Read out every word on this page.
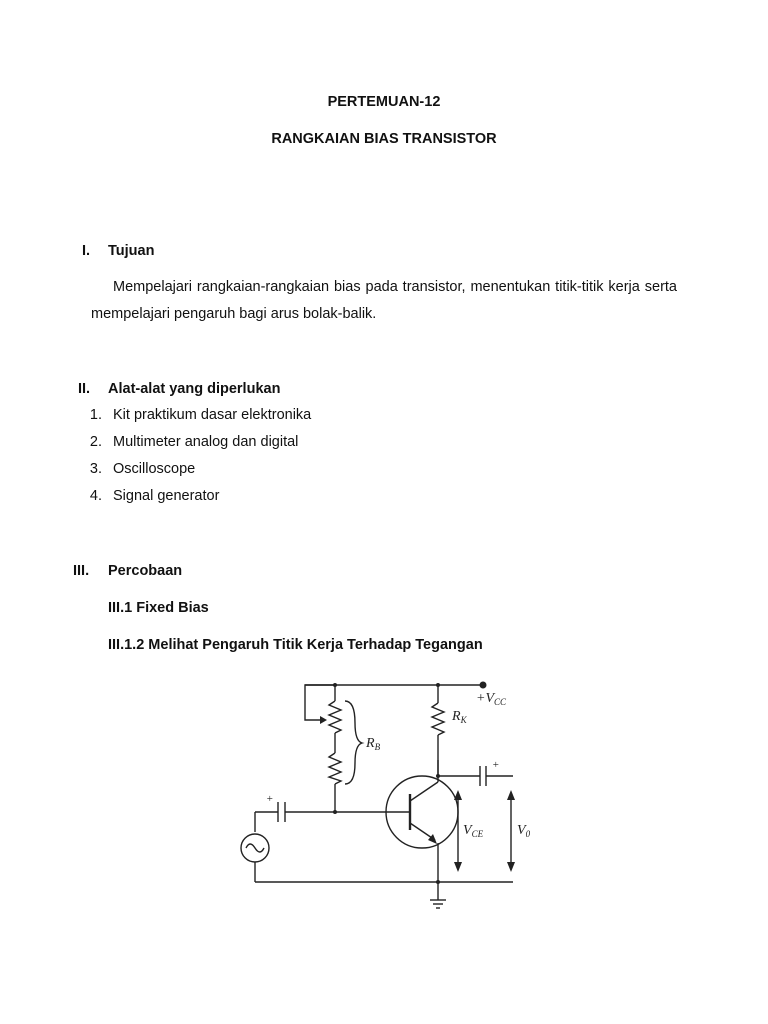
PERTEMUAN-12
RANGKAIAN BIAS TRANSISTOR
I. Tujuan
Mempelajari rangkaian-rangkaian bias pada transistor, menentukan titik-titik kerja serta mempelajari pengaruh bagi arus bolak-balik.
II. Alat-alat yang diperlukan
1. Kit praktikum dasar elektronika
2. Multimeter analog dan digital
3. Oscilloscope
4. Signal generator
III. Percobaan
III.1 Fixed Bias
III.1.2 Melihat Pengaruh Titik Kerja Terhadap Tegangan
$R_B$
$R_K$
$+V_{CC}$
$V_{CE}$ $V_0$
+
+
